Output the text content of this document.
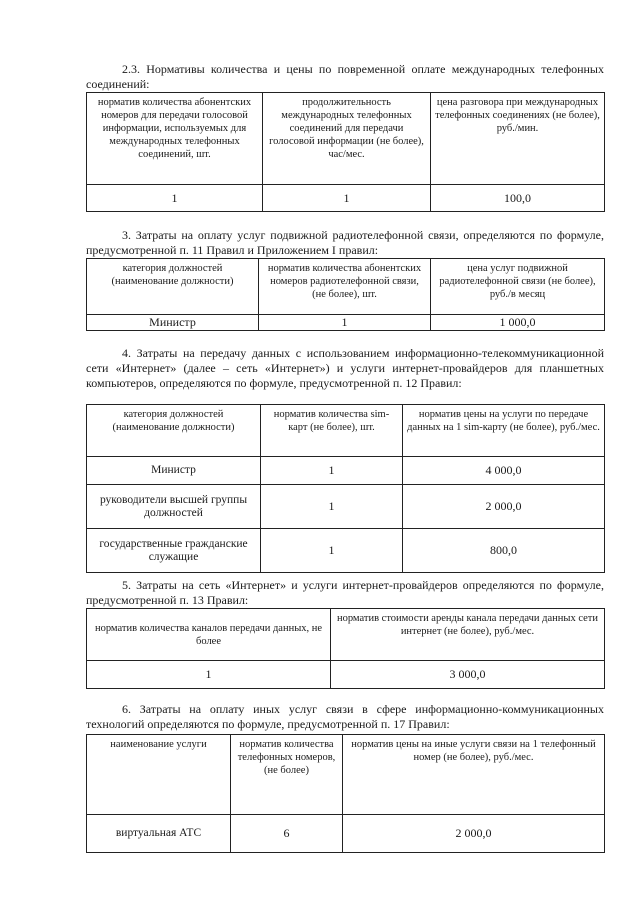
2.3. Нормативы количества и цены по повременной оплате международных телефонных соединений:
норматив количества абонентских номеров для передачи голосовой информации, используемых для международных телефонных соединений, шт.	продолжительность международных телефонных соединений для передачи голосовой информации (не более), час/мес.	цена разговора при международных телефонных соединениях (не более), руб./мин.
1	1	100,0
3. Затраты на оплату услуг подвижной радиотелефонной связи, определяются по формуле, предусмотренной п. 11 Правил и Приложением I правил:
категория должностей (наименование должности)	норматив количества абонентских номеров радиотелефонной связи, (не более), шт.	цена услуг подвижной радиотелефонной связи (не более), руб./в месяц
Министр	1	1 000,0
4. Затраты на передачу данных с использованием информационно-телекоммуникационной сети «Интернет» (далее – сеть «Интернет») и услуги интернет-провайдеров для планшетных компьютеров, определяются по формуле, предусмотренной п. 12 Правил:
категория должностей (наименование должности)	норматив количества sim-карт (не более), шт.	норматив цены на услуги по передаче данных на 1 sim-карту (не более), руб./мес.
Министр	1	4 000,0
руководители высшей группы должностей	1	2 000,0
государственные гражданские служащие	1	800,0
5. Затраты на сеть «Интернет» и услуги интернет-провайдеров определяются по формуле, предусмотренной п. 13 Правил:
норматив количества каналов передачи данных, не более	норматив стоимости аренды канала передачи данных сети интернет (не более), руб./мес.
1	3 000,0
6. Затраты на оплату иных услуг связи в сфере информационно-коммуникационных технологий определяются по формуле, предусмотренной п. 17 Правил:
наименование услуги	норматив количества телефонных номеров, (не более)	норматив цены на иные услуги связи на 1 телефонный номер (не более), руб./мес.
виртуальная АТС	6	2 000,0
